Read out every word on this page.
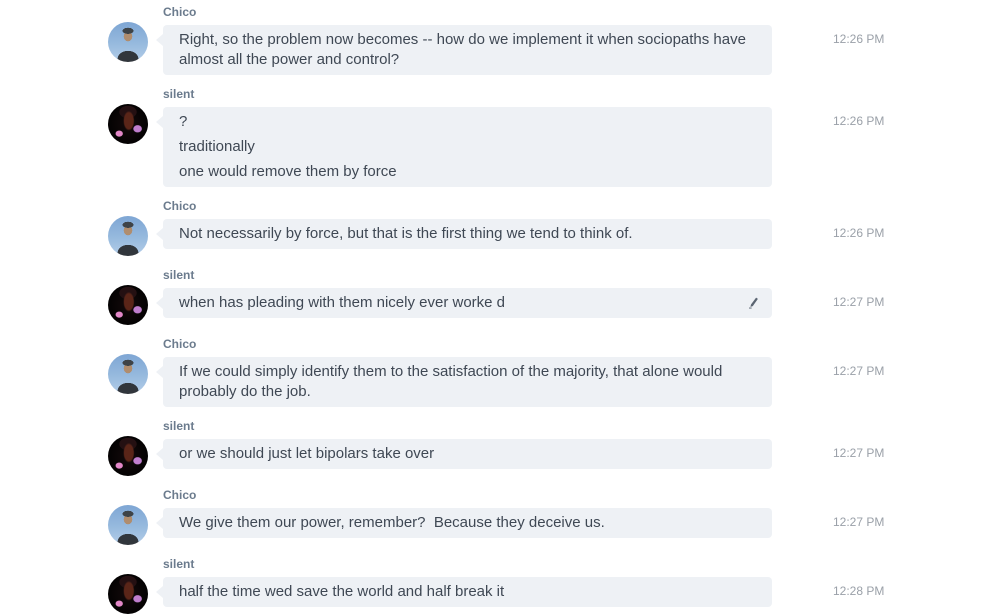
Chico

Right, so the problem now becomes -- how do we implement it when sociopaths have almost all the power and control?

12:26 PM
silent

?

traditionally

one would remove them by force

12:26 PM
Chico

Not necessarily by force, but that is the first thing we tend to think of.	12:26 PM
silent

when has pleading with them nicely ever worke d	12:27 PM
Chico

If we could simply identify them to the satisfaction of the majority, that alone would probably do the job.

12:27 PM
silent

or we should just let bipolars take over	12:27 PM
Chico

We give them our power, remember?  Because they deceive us.	12:27 PM
silent

half the time wed save the world and half break it	12:28 PM
